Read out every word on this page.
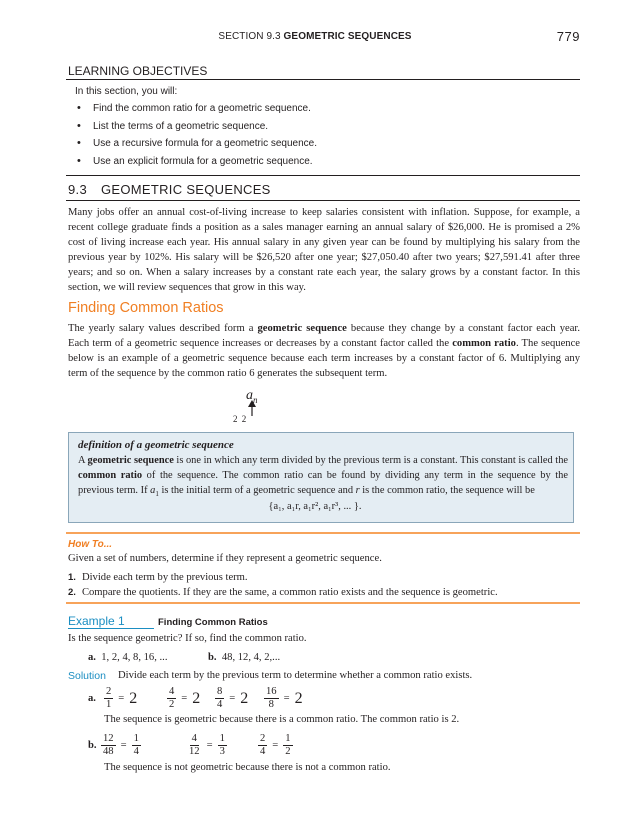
SECTION 9.3 GEOMETRIC SEQUENCES	779
LEARNING OBJECTIVES
In this section, you will:
• Find the common ratio for a geometric sequence.
• List the terms of a geometric sequence.
• Use a recursive formula for a geometric sequence.
• Use an explicit formula for a geometric sequence.
9.3 GEOMETRIC SEQUENCES

Many jobs offer an annual cost-of-living increase to keep salaries consistent with inflation. Suppose, for example, a recent college graduate finds a position as a sales manager earning an annual salary of $26,000. He is promised a 2% cost of living increase each year. His annual salary in any given year can be found by multiplying his salary from the previous year by 102%. His salary will be $26,520 after one year; $27,050.40 after two years; $27,591.41 after three years; and so on. When a salary increases by a constant rate each year, the salary grows by a constant factor. In this section, we will review sequences that grow in this way.

Finding Common Ratios

The yearly salary values described form a geometric sequence because they change by a constant factor each year. Each term of a geometric sequence increases or decreases by a constant factor called the common ratio. The sequence below is an example of a geometric sequence because each term increases by a constant factor of 6. Multiplying any term of the sequence by the common ratio 6 generates the subsequent term.

$a_n$
2 2
definition of a geometric sequence

A geometric sequence is one in which any term divided by the previous term is a constant. This constant is called the common ratio of the sequence. The common ratio can be found by dividing any term in the sequence by the previous term. If $a_1$ is the initial term of a geometric sequence and r is the common ratio, the sequence will be

{a₁, a₁r, a₁r², a₁r³, ... }.
How To...
Given a set of numbers, determine if they represent a geometric sequence.
1. Divide each term by the previous term.
2. Compare the quotients. If they are the same, a common ratio exists and the sequence is geometric.
Example 1	Finding Common Ratios
Is the sequence geometric? If so, find the common ratio.
a. 1, 2, 4, 8, 16, ...	b. 48, 12, 4, 2,...
Solution Divide each term by the previous term to determine whether a common ratio exists.
a. $\frac{2}{1} = 2$	$\frac{4}{2} = 2 \frac{8}{4} = 2 \frac{16}{8} = 2$
The sequence is geometric because there is a common ratio. The common ratio is 2.
b. $\frac{12}{48} = \frac{1}{4}$	$\frac{4}{12} = \frac{1}{3}$	$\frac{2}{4} = \frac{1}{2}$
The sequence is not geometric because there is not a common ratio.
